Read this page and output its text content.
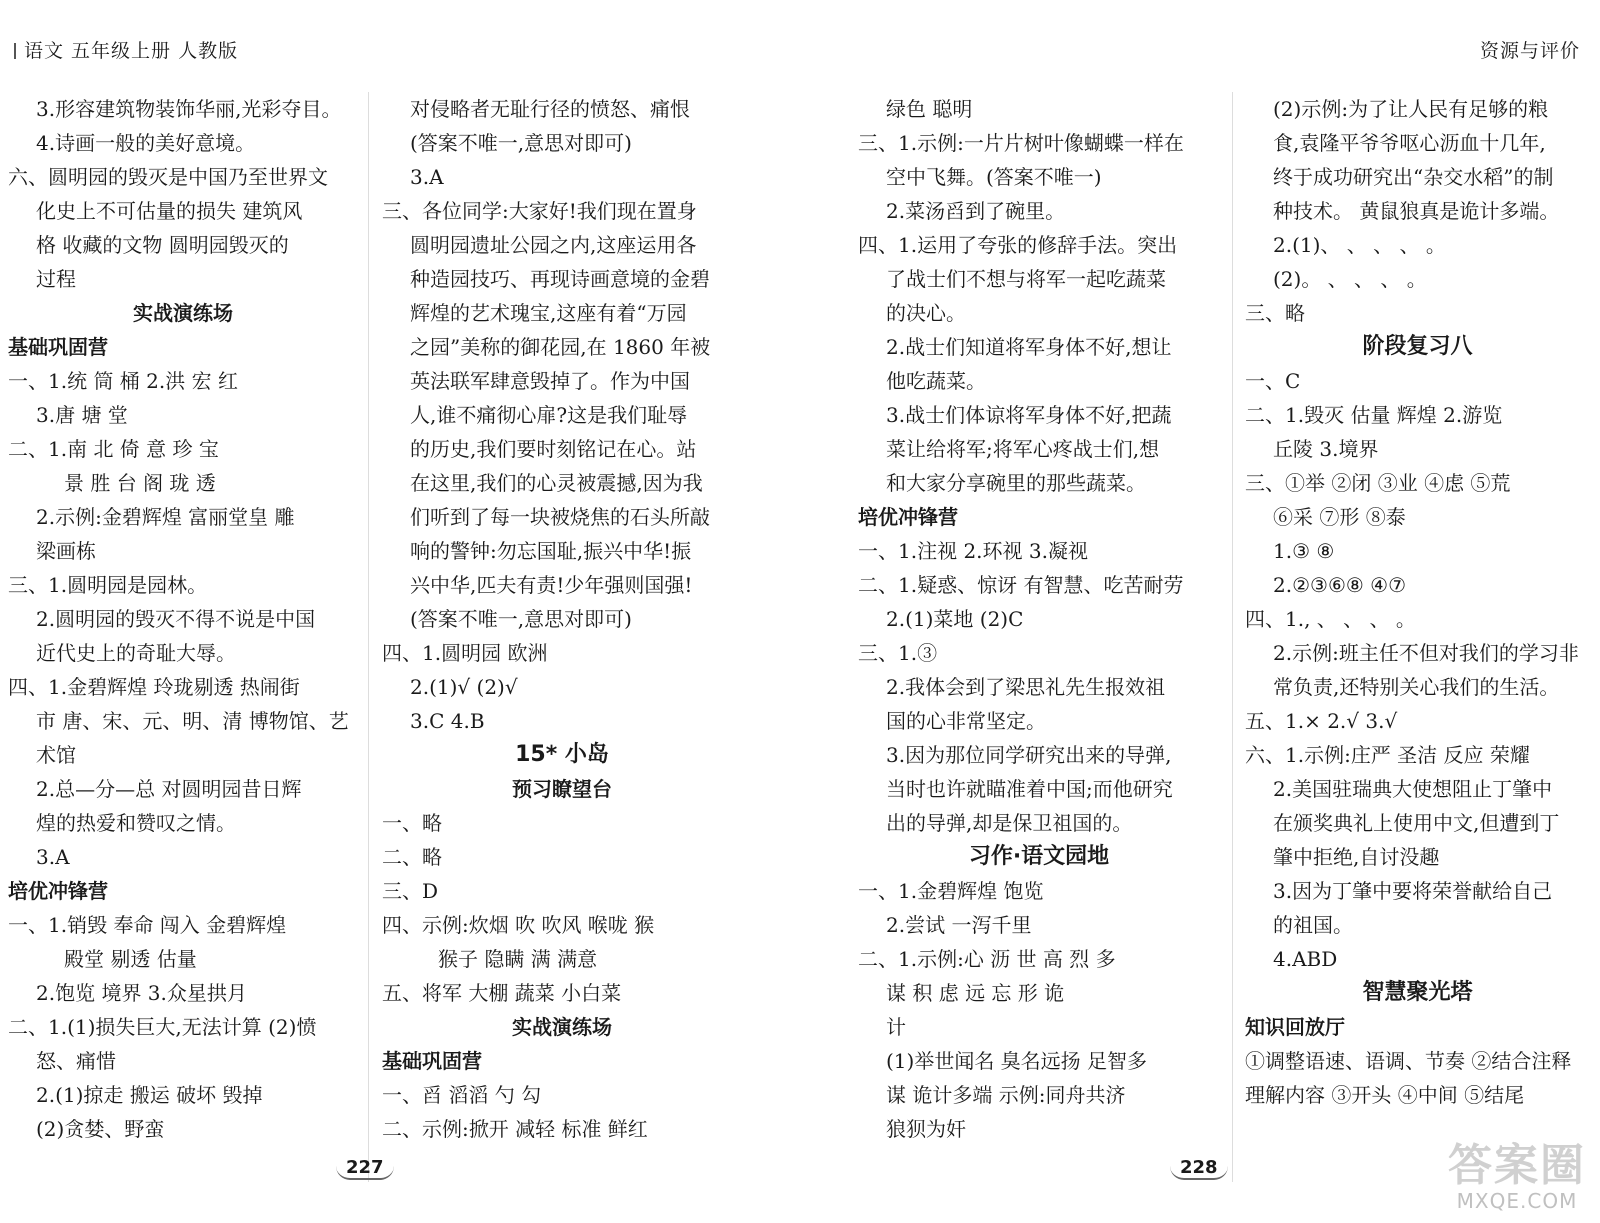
语文 五年级上册 人教版	资源与评价
3.形容建筑物装饰华丽,光彩夺目。
4.诗画一般的美好意境。
六、圆明园的毁灭是中国乃至世界文
化史上不可估量的损失 建筑风
格 收藏的文物 圆明园毁灭的
过程
实战演练场
基础巩固营
一、1.统 筒 桶 2.洪 宏 红
3.唐 塘 堂
二、1.南 北 倚 意 珍 宝
景 胜 台 阁 珑 透
2.示例:金碧辉煌 富丽堂皇 雕
梁画栋
三、1.圆明园是园林。
2.圆明园的毁灭不得不说是中国
近代史上的奇耻大辱。
四、1.金碧辉煌 玲珑剔透 热闹街
市 唐、宋、元、明、清 博物馆、艺
术馆
2.总—分—总 对圆明园昔日辉
煌的热爱和赞叹之情。
3.A
培优冲锋营
一、1.销毁 奉命 闯入 金碧辉煌
殿堂 剔透 估量
2.饱览 境界 3.众星拱月
二、1.(1)损失巨大,无法计算 (2)愤
怒、痛惜
2.(1)掠走 搬运 破坏 毁掉
(2)贪婪、野蛮
对侵略者无耻行径的愤怒、痛恨
(答案不唯一,意思对即可)
3.A
三、各位同学:大家好!我们现在置身
圆明园遗址公园之内,这座运用各
种造园技巧、再现诗画意境的金碧
辉煌的艺术瑰宝,这座有着“万园
之园”美称的御花园,在 1860 年被
英法联军肆意毁掉了。作为中国
人,谁不痛彻心扉?这是我们耻辱
的历史,我们要时刻铭记在心。站
在这里,我们的心灵被震撼,因为我
们听到了每一块被烧焦的石头所敲
响的警钟:勿忘国耻,振兴中华!振
兴中华,匹夫有责!少年强则国强!
(答案不唯一,意思对即可)
四、1.圆明园 欧洲
2.(1)√ (2)√
3.C 4.B
15* 小岛
预习瞭望台
一、略
二、略
三、D
四、示例:炊烟 吹 吹风 喉咙 猴
猴子 隐瞒 满 满意
五、将军 大棚 蔬菜 小白菜
实战演练场
基础巩固营
一、舀 滔滔 勺 勾
二、示例:掀开 减轻 标准 鲜红
绿色 聪明
三、1.示例:一片片树叶像蝴蝶一样在
空中飞舞。(答案不唯一)
2.菜汤舀到了碗里。
四、1.运用了夸张的修辞手法。突出
了战士们不想与将军一起吃蔬菜
的决心。
2.战士们知道将军身体不好,想让
他吃蔬菜。
3.战士们体谅将军身体不好,把蔬
菜让给将军;将军心疼战士们,想
和大家分享碗里的那些蔬菜。
培优冲锋营
一、1.注视 2.环视 3.凝视
二、1.疑惑、惊讶 有智慧、吃苦耐劳
2.(1)菜地 (2)C
三、1.③
2.我体会到了梁思礼先生报效祖
国的心非常坚定。
3.因为那位同学研究出来的导弹,
当时也许就瞄准着中国;而他研究
出的导弹,却是保卫祖国的。
习作·语文园地
一、1.金碧辉煌 饱览
2.尝试 一泻千里
二、1.示例:心 沥 世 高 烈 多
谋 积 虑 远 忘 形 诡
计
(1)举世闻名 臭名远扬 足智多
谋 诡计多端 示例:同舟共济
狼狈为奸
(2)示例:为了让人民有足够的粮
食,袁隆平爷爷呕心沥血十几年,
终于成功研究出“杂交水稻”的制
种技术。 黄鼠狼真是诡计多端。
2.(1)、 、 、 、 。
(2)。 、 、 、 。
三、略
阶段复习八
一、C
二、1.毁灭 估量 辉煌 2.游览
丘陵 3.境界
三、①举 ②闭 ③业 ④虑 ⑤荒
⑥采 ⑦形 ⑧泰
1.③ ⑧
2.②③⑥⑧ ④⑦
四、1., 、 、 、 。
2.示例:班主任不但对我们的学习非
常负责,还特别关心我们的生活。
五、1.× 2.√ 3.√
六、1.示例:庄严 圣洁 反应 荣耀
2.美国驻瑞典大使想阻止丁肇中
在颁奖典礼上使用中文,但遭到丁
肇中拒绝,自讨没趣
3.因为丁肇中要将荣誉献给自己
的祖国。
4.ABD
智慧聚光塔
知识回放厅
①调整语速、语调、节奏 ②结合注释
理解内容 ③开头 ④中间 ⑤结尾
227	228	答案圈
MXQE.COM
